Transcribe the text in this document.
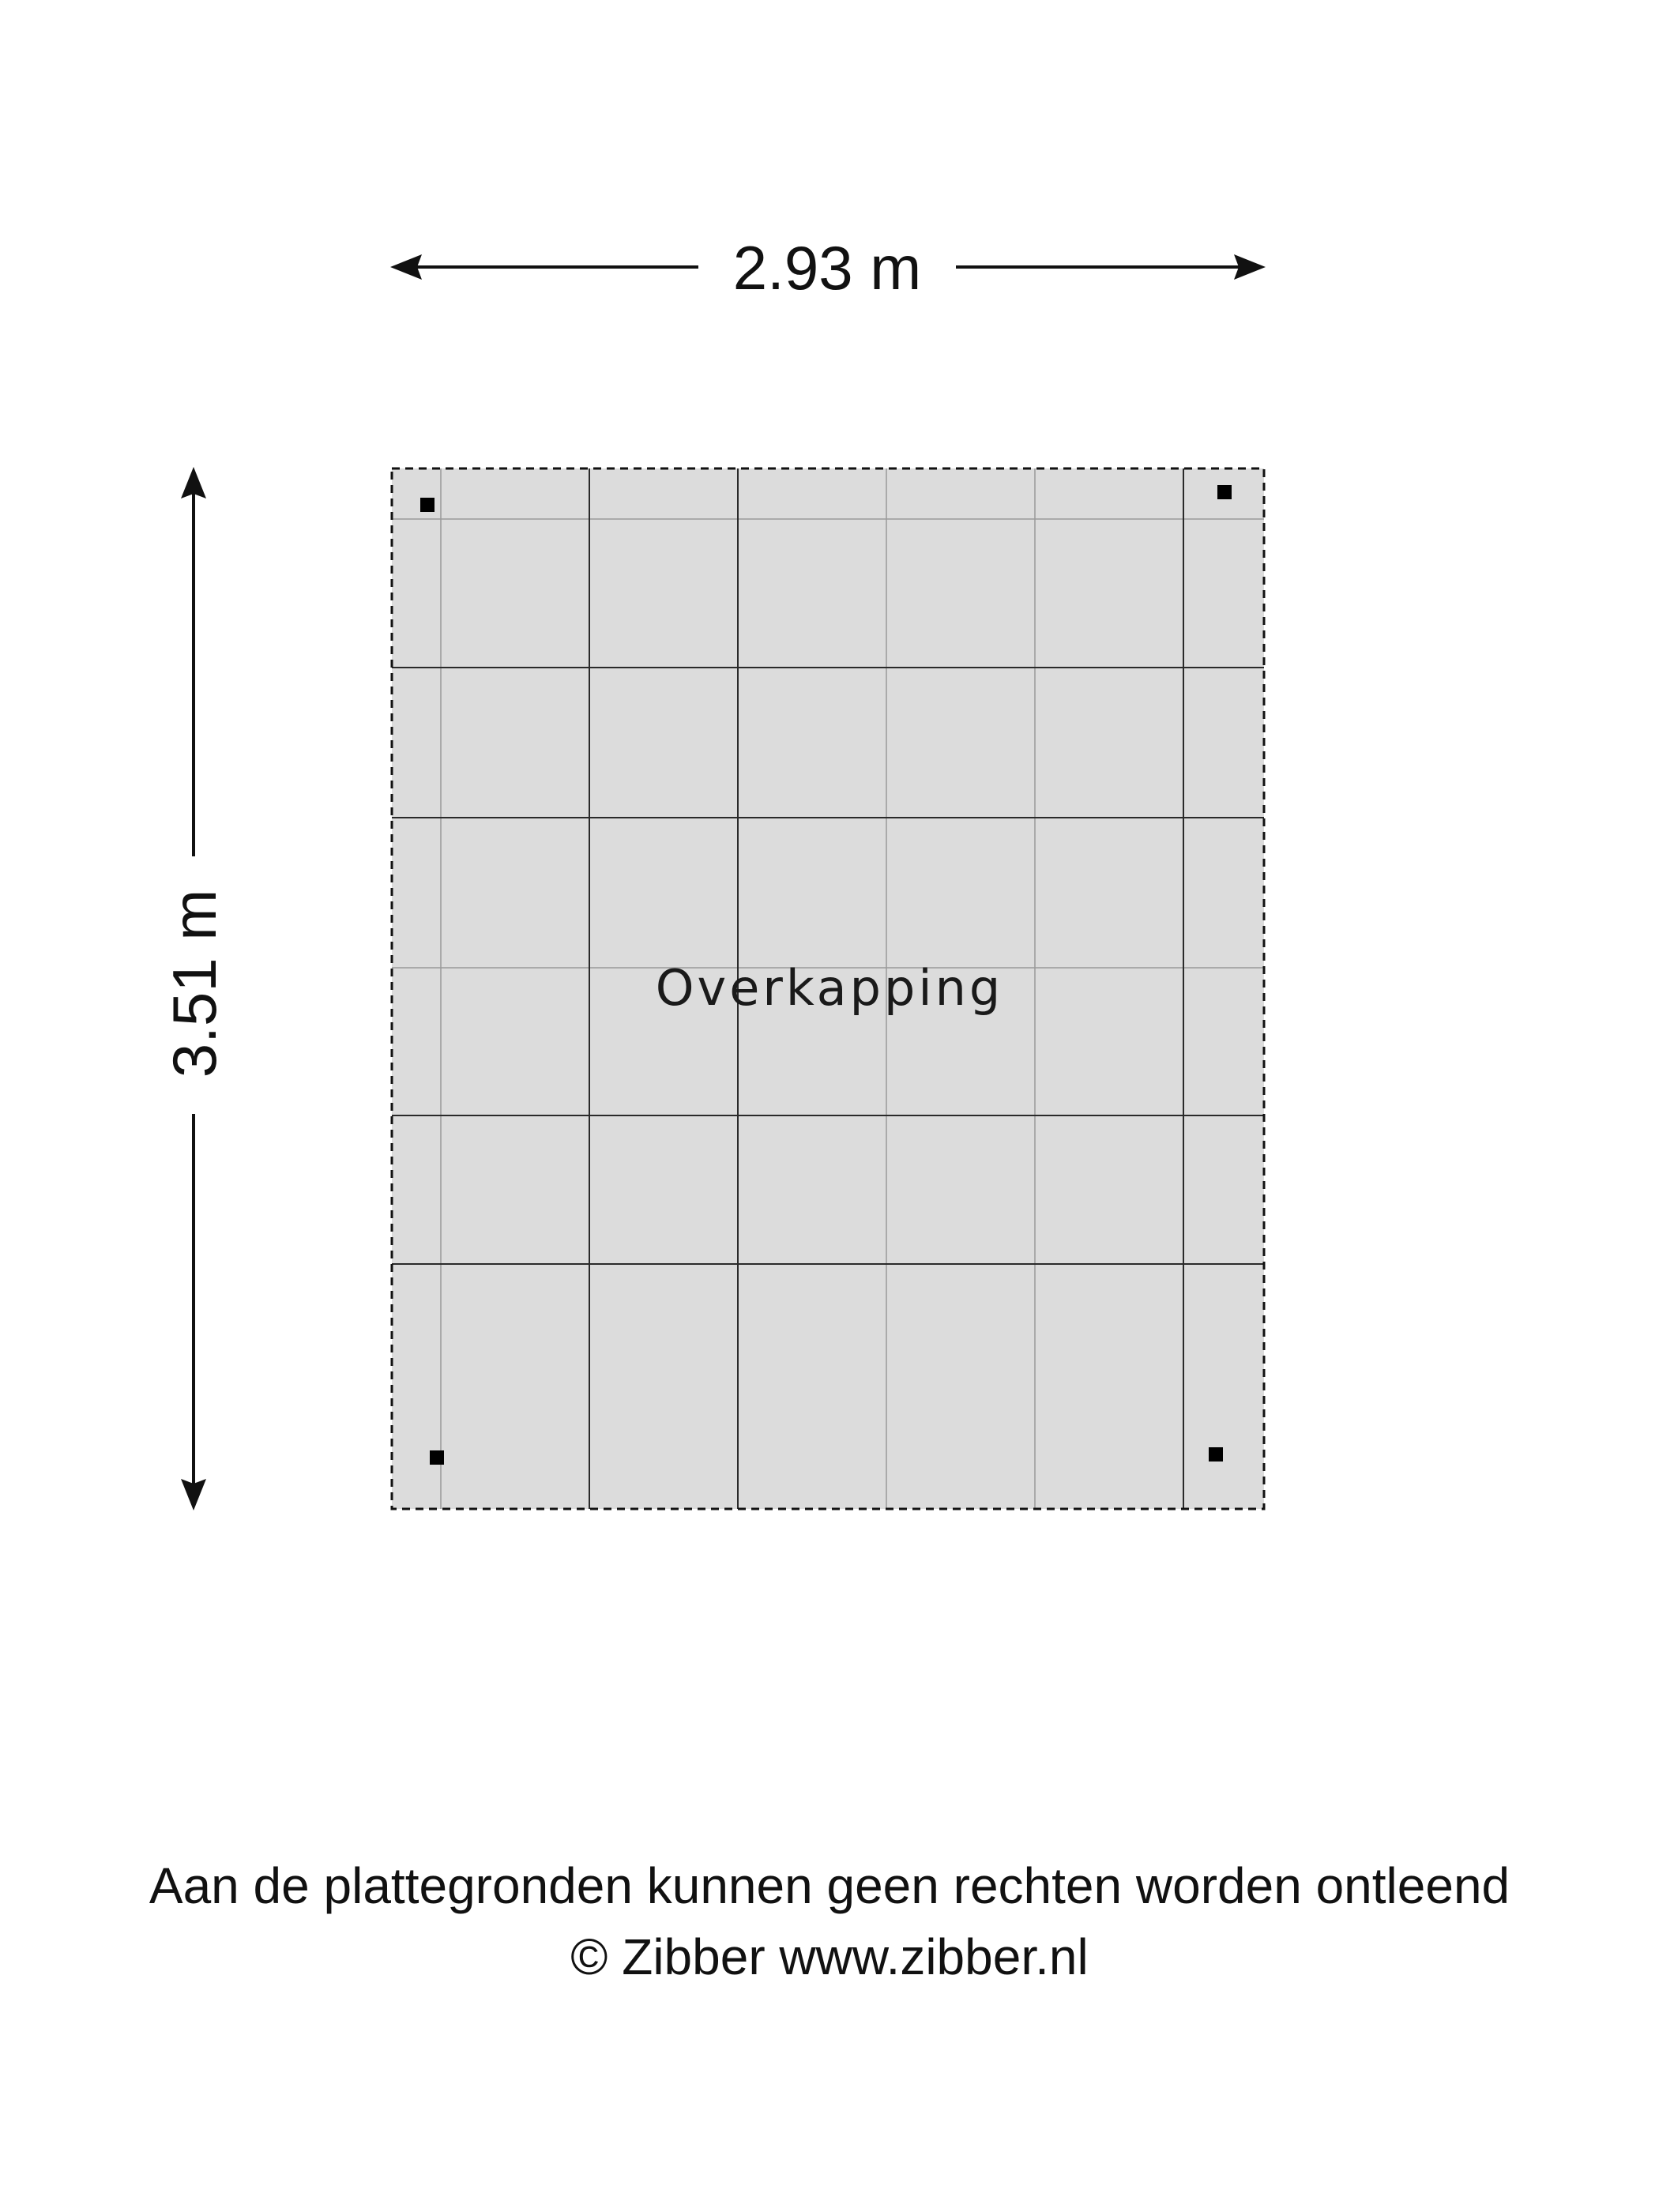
Overkapping
2.93 m
3.51 m
Aan de plattegronden kunnen geen rechten worden ontleend
© Zibber www.zibber.nl
